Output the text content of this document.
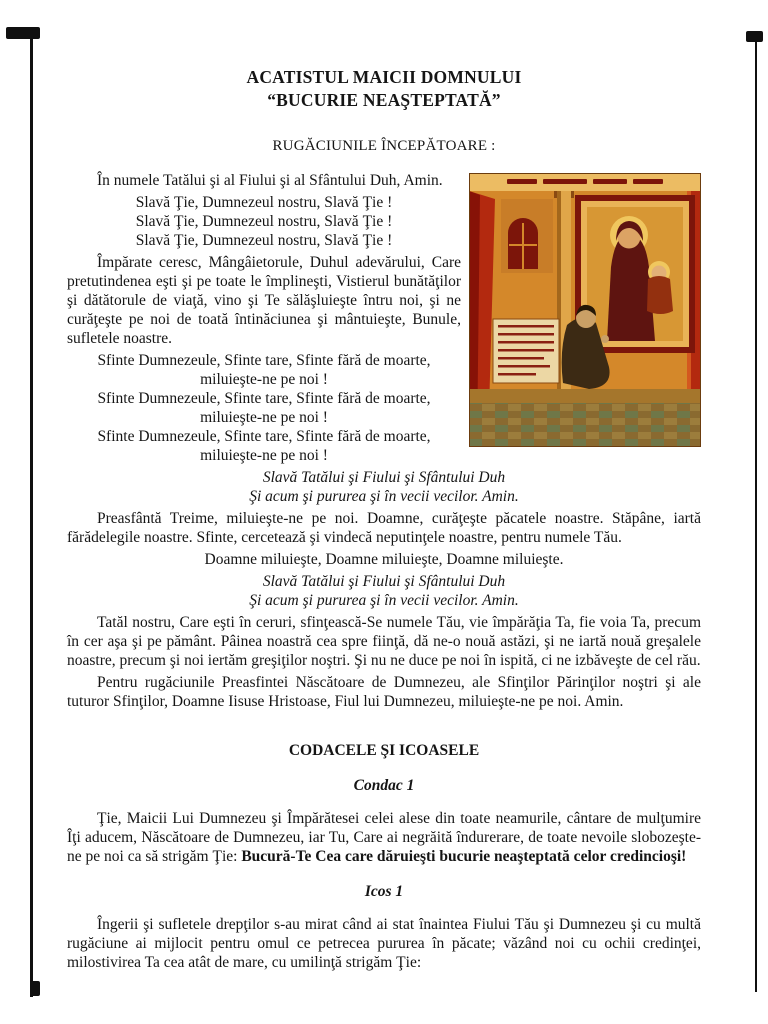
ACATISTUL MAICII DOMNULUI
“BUCURIE NEAŞTEPTATĂ”
RUGĂCIUNILE ÎNCEPĂTOARE :

În numele Tatălui şi al Fiului şi al Sfântului Duh, Amin.

Slavă Ţie, Dumnezeul nostru, Slavă Ţie !
Slavă Ţie, Dumnezeul nostru, Slavă Ţie !
Slavă Ţie, Dumnezeul nostru, Slavă Ţie !

Împărate ceresc, Mângâietorule, Duhul adevărului, Care pretutindenea eşti şi pe toate le împlineşti, Vistierul bunătăţilor şi dătătorule de viaţă, vino şi Te sălăşluieşte întru noi, şi ne curăţeşte pe noi de toată întinăciunea şi mântuieşte, Bunule, sufletele noastre.

Sfinte Dumnezeule, Sfinte tare, Sfinte fără de moarte,
miluieşte-ne pe noi !
Sfinte Dumnezeule, Sfinte tare, Sfinte fără de moarte,
miluieşte-ne pe noi !
Sfinte Dumnezeule, Sfinte tare, Sfinte fără de moarte,
miluieşte-ne pe noi !
Slavă Tatălui şi Fiului şi Sfântului Duh
Şi acum şi pururea şi în vecii vecilor. Amin.

Preasfântă Treime, miluieşte-ne pe noi. Doamne, curăţeşte păcatele noastre. Stăpâne, iartă fărădelegile noastre. Sfinte, cercetează şi vindecă neputinţele noastre, pentru numele Tău.

Doamne miluieşte, Doamne miluieşte, Doamne miluieşte.
Slavă Tatălui şi Fiului şi Sfântului Duh
Şi acum şi pururea şi în vecii vecilor. Amin.

Tatăl nostru, Care eşti în ceruri, sfinţească-Se numele Tău, vie împărăţia Ta, fie voia Ta, precum în cer aşa şi pe pământ. Pâinea noastră cea spre fiinţă, dă ne-o nouă astăzi, şi ne iartă nouă greşalele noastre, precum şi noi iertăm greşiţilor noştri. Şi nu ne duce pe noi în ispită, ci ne izbăveşte de cel rău.

Pentru rugăciunile Preasfintei Născătoare de Dumnezeu, ale Sfinţilor Părinţilor noştri şi ale tuturor Sfinţilor, Doamne Iisuse Hristoase, Fiul lui Dumnezeu, miluieşte-ne pe noi. Amin.

CODACELE ŞI ICOASELE
Condac 1

Ţie, Maicii Lui Dumnezeu şi Împărătesei celei alese din toate neamurile, cântare de mulţumire Îţi aducem, Născătoare de Dumnezeu, iar Tu, Care ai negrăită îndurerare, de toate nevoile slobozeşte-ne pe noi ca să strigăm Ţie: Bucură-Te Cea care dăruieşti bucurie neaşteptată celor credincioşi!

Icos 1

Îngerii şi sufletele drepţilor s-au mirat când ai stat înaintea Fiului Tău şi Dumnezeu şi cu multă rugăciune ai mijlocit pentru omul ce petrecea pururea în păcate; văzând noi cu ochii credinţei, milostivirea Ta cea atât de mare, cu umilinţă strigăm Ţie:
